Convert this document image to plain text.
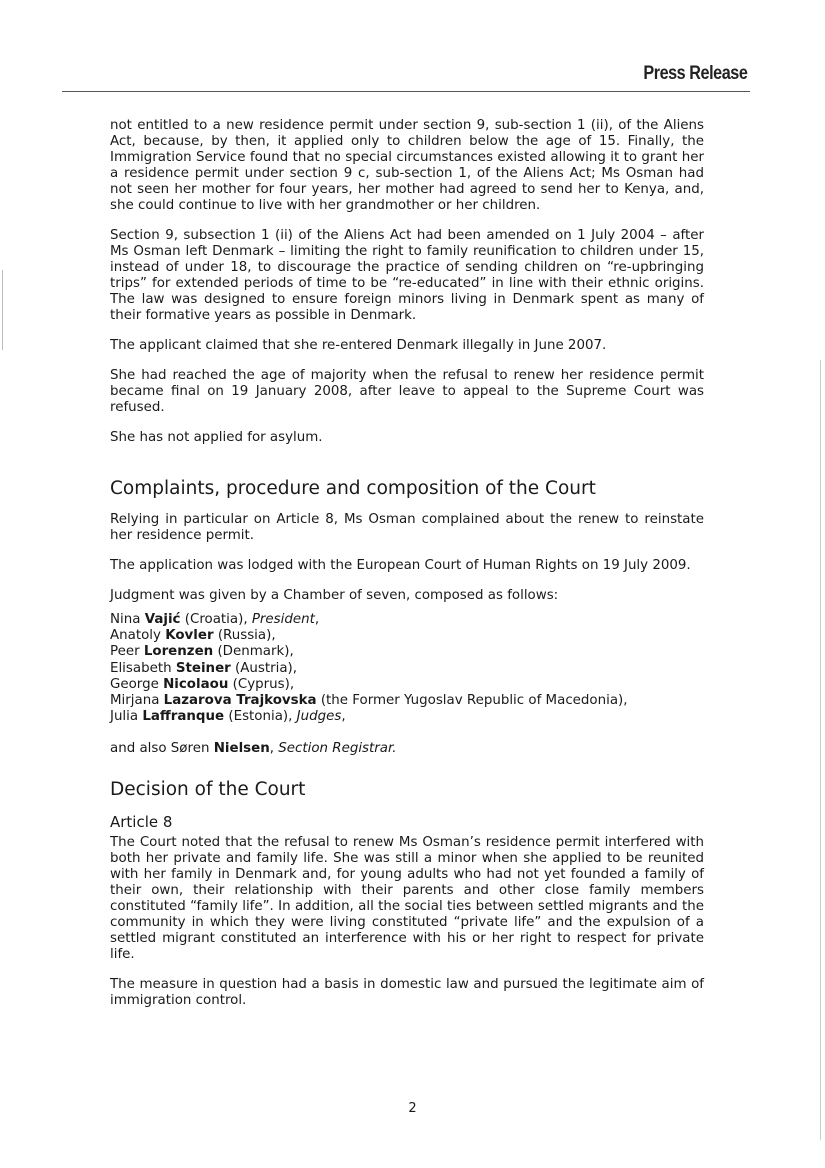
Press Release

not entitled to a new residence permit under section 9, sub-section 1 (ii), of the Aliens Act, because, by then, it applied only to children below the age of 15. Finally, the Immigration Service found that no special circumstances existed allowing it to grant her a residence permit under section 9 c, sub-section 1, of the Aliens Act; Ms Osman had not seen her mother for four years, her mother had agreed to send her to Kenya, and, she could continue to live with her grandmother or her children.

Section 9, subsection 1 (ii) of the Aliens Act had been amended on 1 July 2004 – after Ms Osman left Denmark – limiting the right to family reunification to children under 15, instead of under 18, to discourage the practice of sending children on “re-upbringing trips” for extended periods of time to be “re-educated” in line with their ethnic origins. The law was designed to ensure foreign minors living in Denmark spent as many of their formative years as possible in Denmark.

The applicant claimed that she re-entered Denmark illegally in June 2007.

She had reached the age of majority when the refusal to renew her residence permit became final on 19 January 2008, after leave to appeal to the Supreme Court was refused.

She has not applied for asylum.

Complaints, procedure and composition of the Court

Relying in particular on Article 8, Ms Osman complained about the renew to reinstate her residence permit.

The application was lodged with the European Court of Human Rights on 19 July 2009.

Judgment was given by a Chamber of seven, composed as follows:

Nina Vajić (Croatia), President,
Anatoly Kovler (Russia),
Peer Lorenzen (Denmark),
Elisabeth Steiner (Austria),
George Nicolaou (Cyprus),
Mirjana Lazarova Trajkovska (the Former Yugoslav Republic of Macedonia),
Julia Laffranque (Estonia), Judges,

and also Søren Nielsen, Section Registrar.

Decision of the Court
Article 8

The Court noted that the refusal to renew Ms Osman’s residence permit interfered with both her private and family life. She was still a minor when she applied to be reunited with her family in Denmark and, for young adults who had not yet founded a family of their own, their relationship with their parents and other close family members constituted “family life”. In addition, all the social ties between settled migrants and the community in which they were living constituted “private life” and the expulsion of a settled migrant constituted an interference with his or her right to respect for private life.

The measure in question had a basis in domestic law and pursued the legitimate aim of immigration control.

2
